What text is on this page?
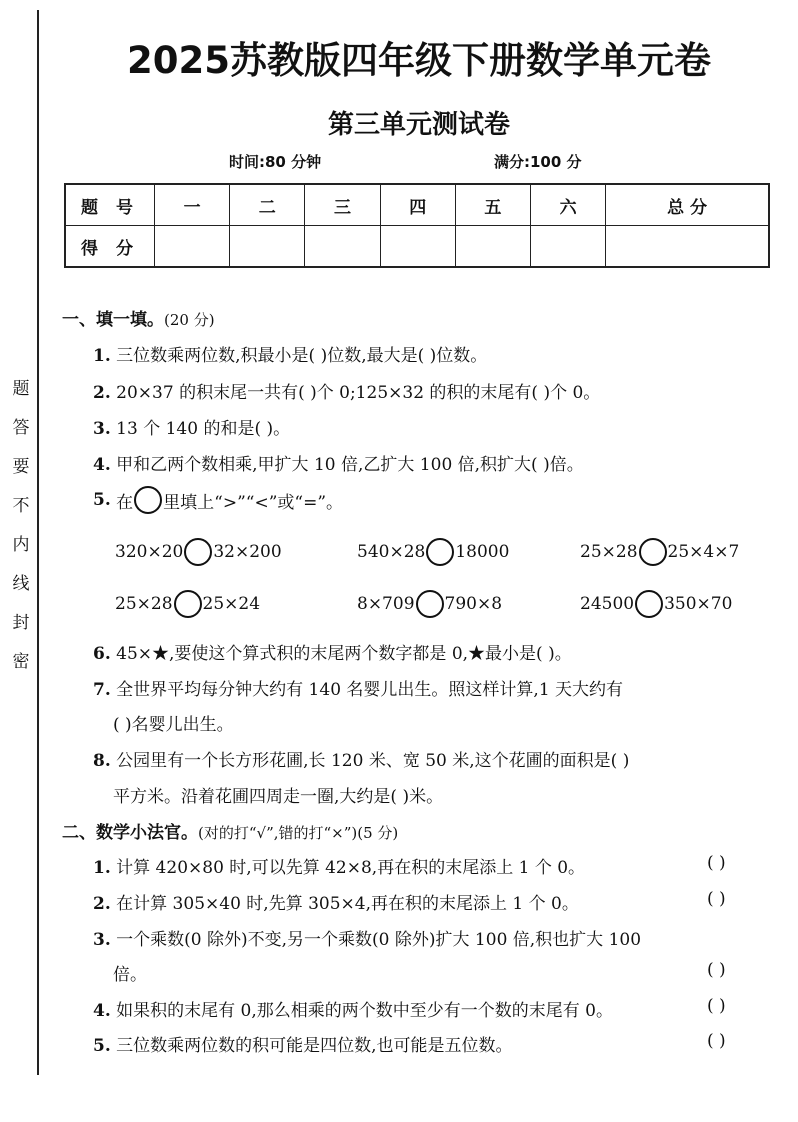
题
答
要
不
内
线
封
密
2025苏教版四年级下册数学单元卷
第三单元测试卷
时间:80 分钟	满分:100 分
题 号	一	二	三	四	五	六	总 分
得 分							
一、填一填。(20 分)
1. 三位数乘两位数,积最小是( )位数,最大是( )位数。
2. 20×37 的积末尾一共有( )个 0;125×32 的积的末尾有( )个 0。
3. 13 个 140 的和是( )。
4. 甲和乙两个数相乘,甲扩大 10 倍,乙扩大 100 倍,积扩大( )倍。
5.
在 里填上“>”“<”或“=”。
320×20 32×200	540×28 18000	25×28 25×4×7
25×28 25×24	8×709 790×8	24500 350×70
6. 45×★,要使这个算式积的末尾两个数字都是 0,★最小是( )。
7. 全世界平均每分钟大约有 140 名婴儿出生。照这样计算,1 天大约有
( )名婴儿出生。
8. 公园里有一个长方形花圃,长 120 米、宽 50 米,这个花圃的面积是( )
平方米。沿着花圃四周走一圈,大约是( )米。
二、数学小法官。(对的打“√”,错的打“×”)(5 分)
1. 计算 420×80 时,可以先算 42×8,再在积的末尾添上 1 个 0。	( )
2. 在计算 305×40 时,先算 305×4,再在积的末尾添上 1 个 0。	( )
3. 一个乘数(0 除外)不变,另一个乘数(0 除外)扩大 100 倍,积也扩大 100
倍。	( )
4. 如果积的末尾有 0,那么相乘的两个数中至少有一个数的末尾有 0。	( )
5. 三位数乘两位数的积可能是四位数,也可能是五位数。	( )
